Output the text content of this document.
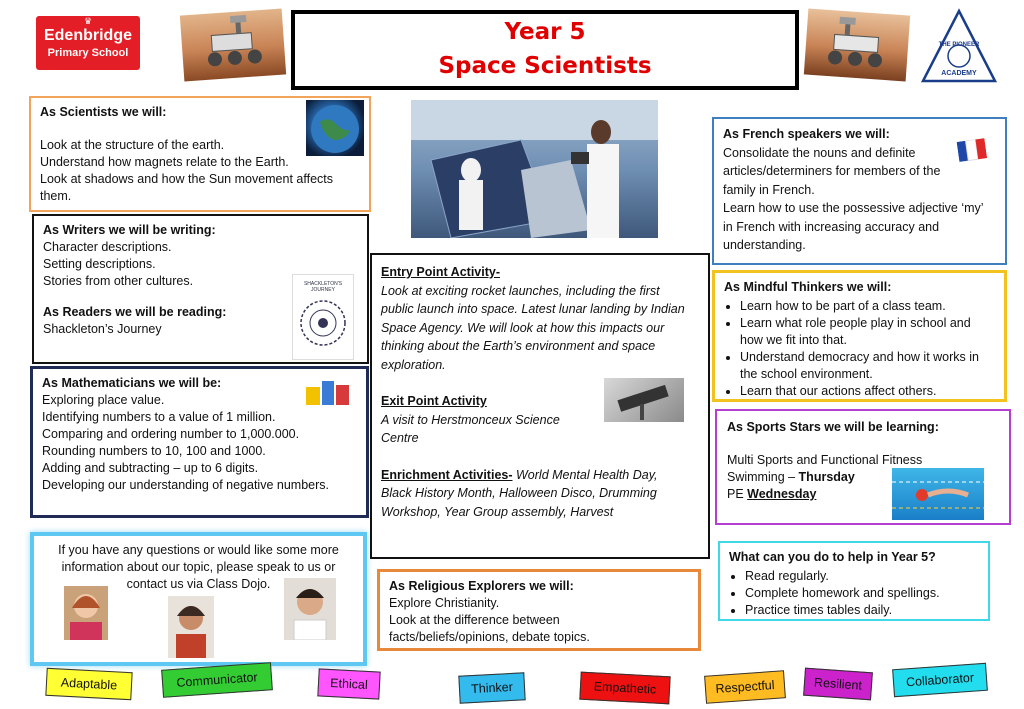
♛
Edenbridge
Primary School
THE PIONEER
ACADEMY
Year 5
Space Scientists
As Scientists we will:

Look at the structure of the earth.

Understand how magnets relate to the Earth.

Look at shadows and how the Sun movement affects them.

As Writers we will be writing:

Character descriptions.

Setting descriptions.

Stories from other cultures.

As Readers we will be reading:

Shackleton’s Journey

SHACKLETON'S JOURNEY
As Mathematicians we will be:

Exploring place value.

Identifying numbers to a value of 1 million.

Comparing and ordering number to 1,000.000.

Rounding numbers to 10, 100 and 1000.

Adding and subtracting – up to 6 digits.

Developing our understanding of negative numbers.

If you have any questions or would like some more information about our topic, please speak to us or contact us via Class Dojo.

Entry Point Activity-

Look at exciting rocket launches, including the first public launch into space. Latest lunar landing by Indian Space Agency. We will look at how this impacts our thinking about the Earth’s environment and space exploration.

Exit Point Activity

A visit to Herstmonceux Science Centre

Enrichment Activities- World Mental Health Day, Black History Month, Halloween Disco, Drumming Workshop, Year Group assembly, Harvest

As Religious Explorers we will:

Explore Christianity.

Look at the difference between facts/beliefs/opinions, debate topics.

As French speakers we will:

Consolidate the nouns and definite articles/determiners for members of the family in French.

Learn how to use the possessive adjective ‘my’ in French with increasing accuracy and understanding.

As Mindful Thinkers we will:
• Learn how to be part of a class team.
• Learn what role people play in school and how we fit into that.
• Understand democracy and how it works in the school environment.
• Learn that our actions affect others.
As Sports Stars we will be learning:

Multi Sports and Functional Fitness

Swimming – Thursday

PE Wednesday

What can you do to help in Year 5?
• Read regularly.
• Complete homework and spellings.
• Practice times tables daily.
Adaptable	Communicator	Ethical	Thinker	Empathetic	Respectful	Resilient	Collaborator
